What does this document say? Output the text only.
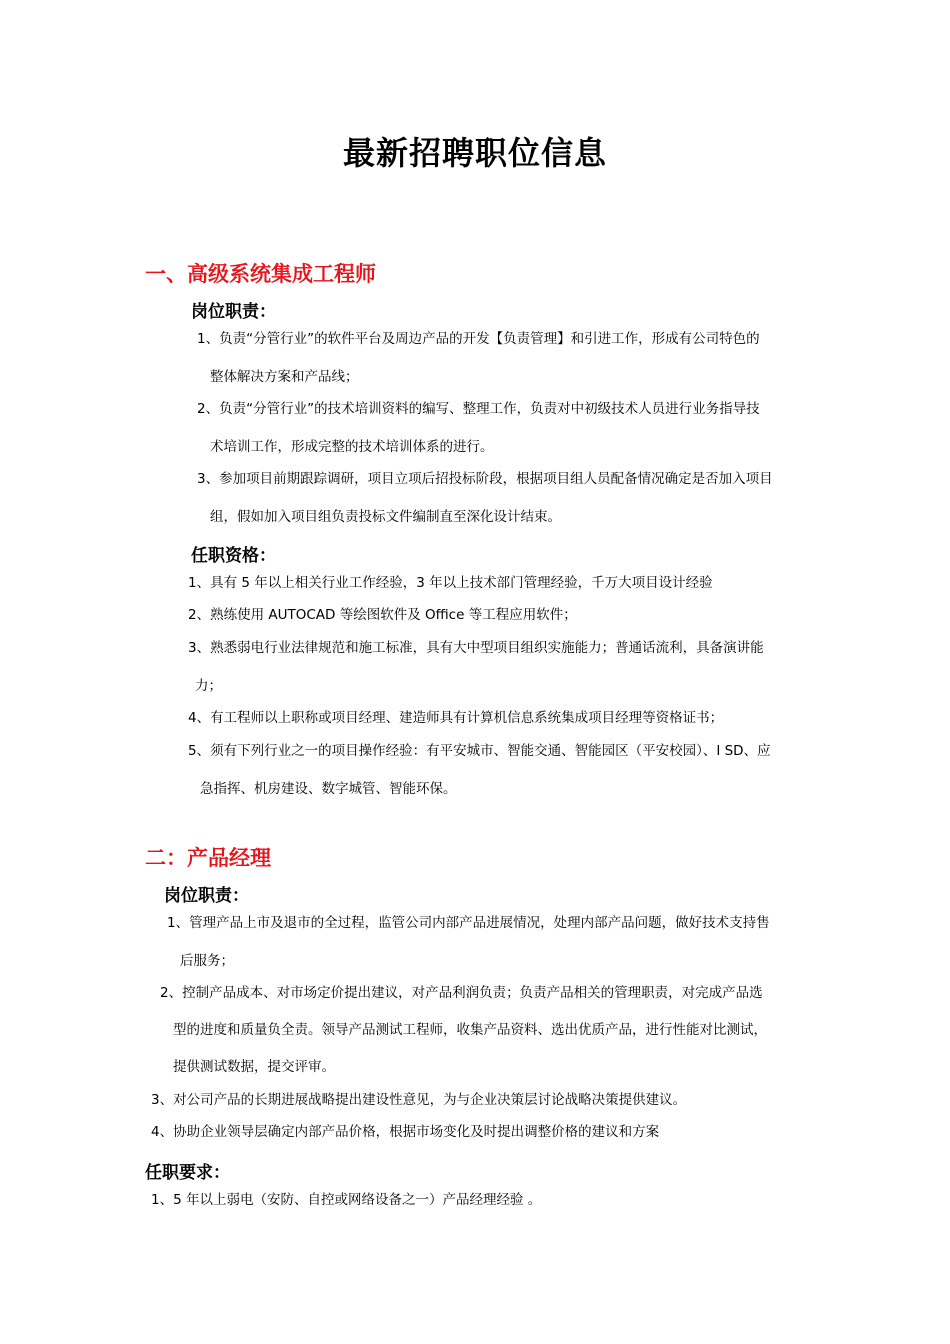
最新招聘职位信息
一、高级系统集成工程师
岗位职责：
1、负责“分管行业”的软件平台及周边产品的开发【负责管理】和引进工作，形成有公司特色的
整体解决方案和产品线；
2、负责“分管行业”的技术培训资料的编写、整理工作，负责对中初级技术人员进行业务指导技
术培训工作，形成完整的技术培训体系的进行。
3、参加项目前期跟踪调研，项目立项后招投标阶段，根据项目组人员配备情况确定是否加入项目
组，假如加入项目组负责投标文件编制直至深化设计结束。
任职资格：
1、具有 5 年以上相关行业工作经验，3 年以上技术部门管理经验，千万大项目设计经验
2、熟练使用 AUTOCAD 等绘图软件及 Office 等工程应用软件；
3、熟悉弱电行业法律规范和施工标准，具有大中型项目组织实施能力；普通话流利，具备演讲能
力；
4、有工程师以上职称或项目经理、建造师具有计算机信息系统集成项目经理等资格证书；
5、须有下列行业之一的项目操作经验：有平安城市、智能交通、智能园区（平安校园）、I SD、应
急指挥、机房建设、数字城管、智能环保。
二：产品经理
岗位职责：
1、管理产品上市及退市的全过程，监管公司内部产品进展情况，处理内部产品问题，做好技术支持售
后服务；
2、控制产品成本、对市场定价提出建议，对产品利润负责；负责产品相关的管理职责，对完成产品选
型的进度和质量负全责。领导产品测试工程师，收集产品资料、选出优质产品，进行性能对比测试，
提供测试数据，提交评审。
3、对公司产品的长期进展战略提出建设性意见，为与企业决策层讨论战略决策提供建议。
4、协助企业领导层确定内部产品价格，根据市场变化及时提出调整价格的建议和方案
任职要求：
1、5 年以上弱电（安防、自控或网络设备之一）产品经理经验 。
